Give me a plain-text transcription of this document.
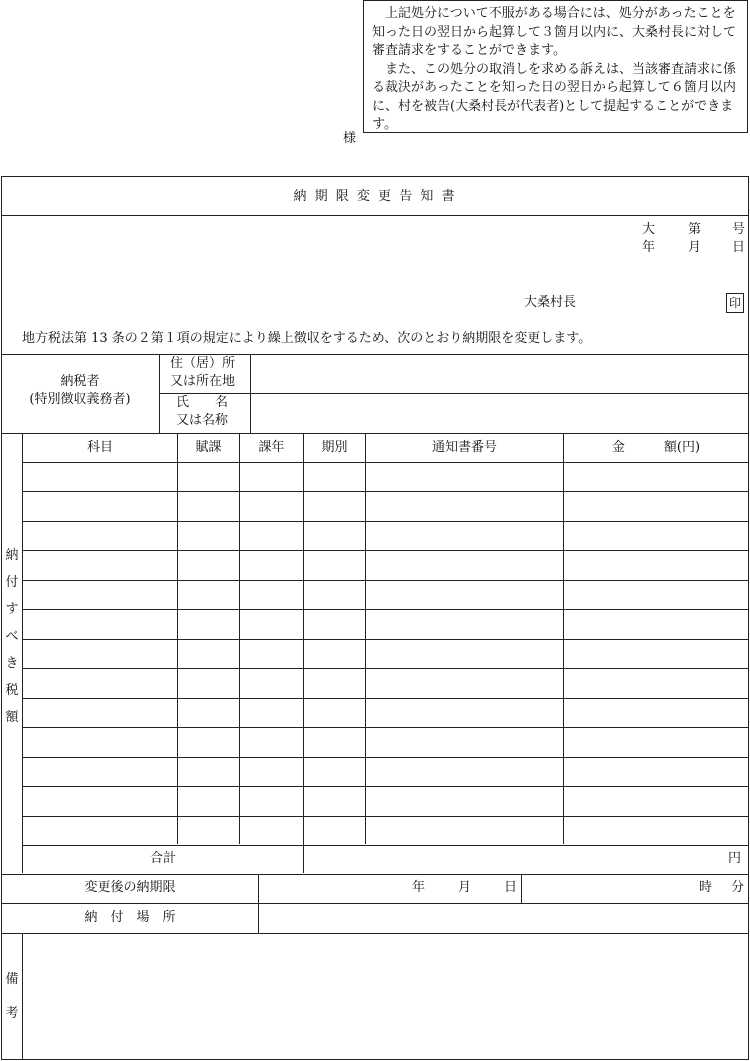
上記処分について不服がある場合には、処分があったことを知った日の翌日から起算して３箇月以内に、大桑村長に対して審査請求をすることができます。

また、この処分の取消しを求める訴えは、当該審査請求に係る裁決があったことを知った日の翌日から起算して６箇月以内に、村を被告(大桑村長が代表者)として提起することができます。

様
納 期 限 変 更 告 知 書
大	第 号
年	月 日
大桑村長	印
地方税法第 13 条の２第１項の規定により繰上徴収をするため、次のとおり納期限を変更します。
納税者
(特別徴収義務者)
住（居）所
又は所在地
氏　　名
又は名称
納
付
す
べ
き
税
額
科目	賦課	課年	期別	通知書番号	金　　　額(円)
合計	円
変更後の納期限	年	月	日	時 分
納　付　場　所
備
考
